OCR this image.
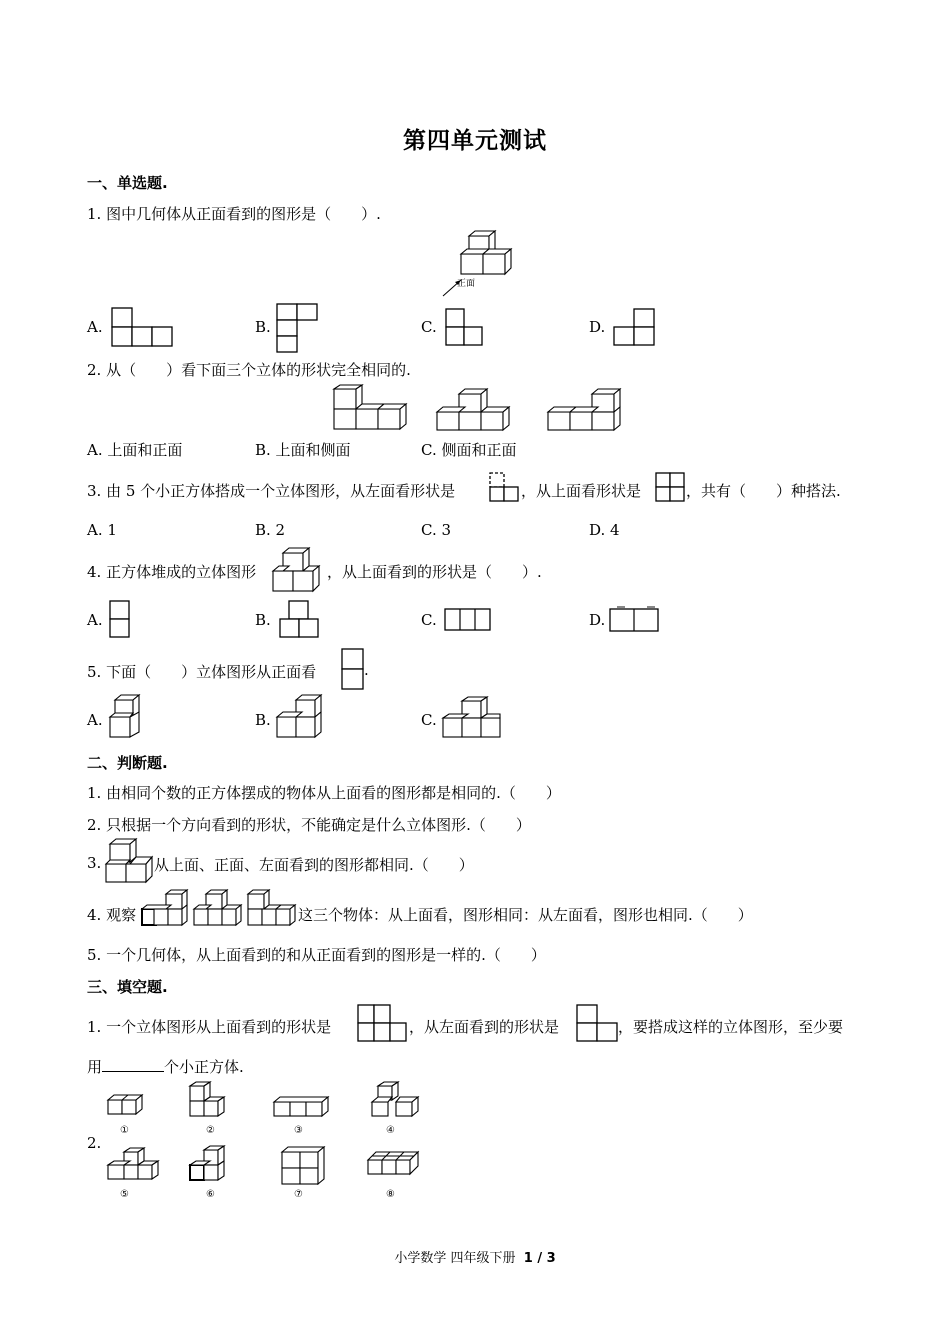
第四单元测试
一、单选题.
1. 图中几何体从正面看到的图形是（　　）.
正面
A.	B.	C.	D.
2. 从（　　）看下面三个立体的形状完全相同的.
A. 上面和正面	B. 上面和侧面	C. 侧面和正面
3. 由 5 个小正方体搭成一个立体图形，从左面看形状是	，从上面看形状是	，共有（　　）种搭法.
A. 1	B. 2	C. 3	D. 4
4. 正方体堆成的立体图形	，从上面看到的形状是（　　）.
A.	B.	C.	D.
5. 下面（　　）立体图形从正面看	.
A.	B.	C.
二、判断题.
1. 由相同个数的正方体摆成的物体从上面看的图形都是相同的.（　　）
2. 只根据一个方向看到的形状，不能确定是什么立体图形.（　　）
3.	从上面、正面、左面看到的图形都相同.（　　）
4. 观察	这三个物体：从上面看，图形相同：从左面看，图形也相同.（　　）
5. 一个几何体，从上面看到的和从正面看到的图形是一样的.（　　）
三、填空题.
1. 一个立体图形从上面看到的形状是	，从左面看到的形状是	，要搭成这样的立体图形，至少要
用	个小正方体.
2.
①	②	③	④
⑤	⑥	⑦	⑧
小学数学 四年级下册 1 / 3
